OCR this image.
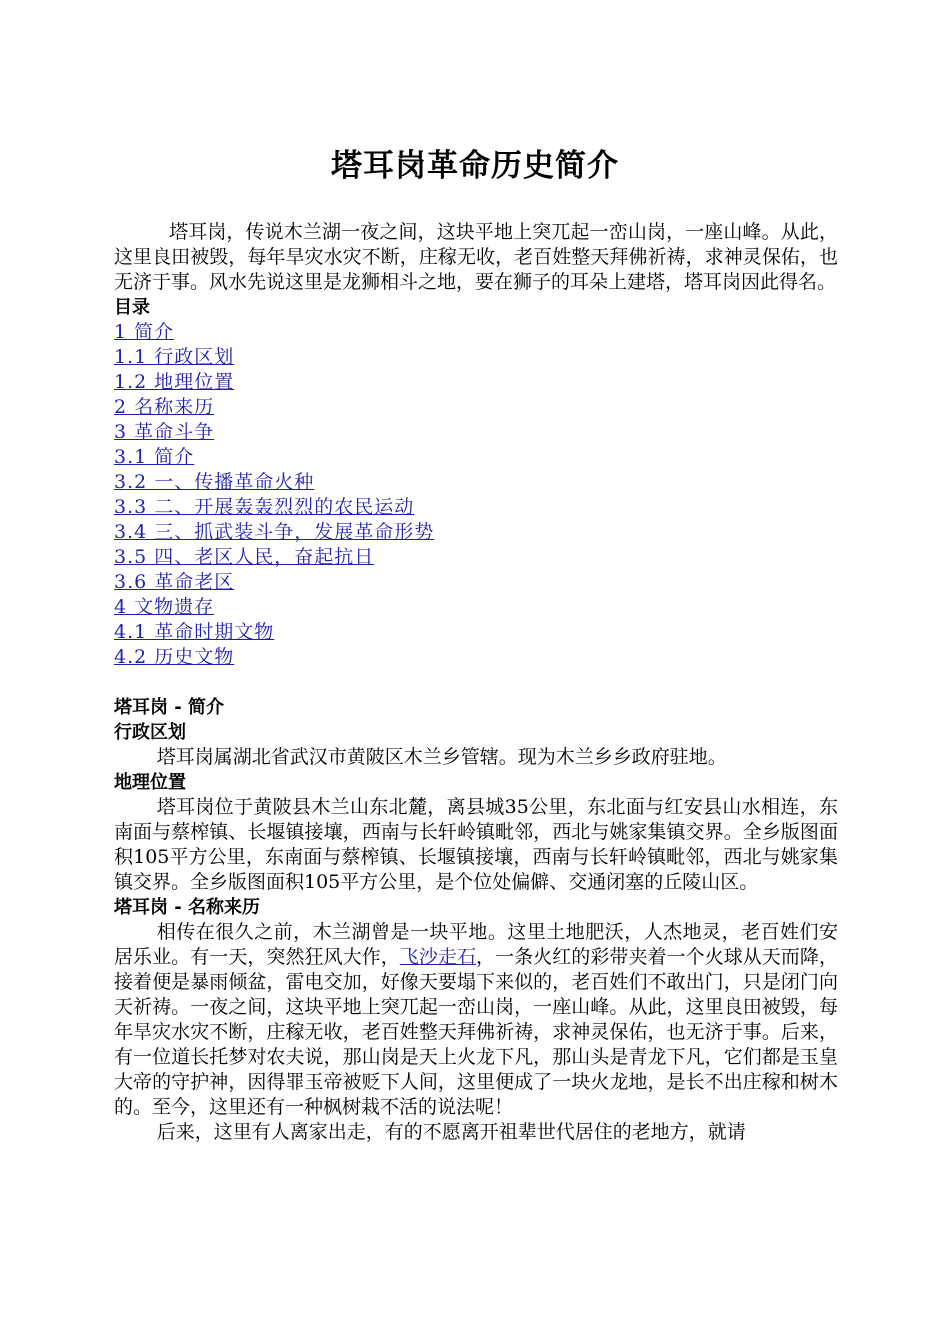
塔耳岗革命历史简介

塔耳岗，传说木兰湖一夜之间，这块平地上突兀起一峦山岗，一座山峰。从此，这里良田被毁，每年旱灾水灾不断，庄稼无收，老百姓整天拜佛祈祷，求神灵保佑，也无济于事。风水先说这里是龙狮相斗之地，要在狮子的耳朵上建塔，塔耳岗因此得名。

目录
1 简介
1.1 行政区划
1.2 地理位置
2 名称来历
3 革命斗争
3.1 简介
3.2 一、传播革命火种
3.3 二、开展轰轰烈烈的农民运动
3.4 三、抓武装斗争，发展革命形势
3.5 四、老区人民，奋起抗日
3.6 革命老区
4 文物遗存
4.1 革命时期文物
4.2 历史文物
塔耳岗 - 简介
行政区划

塔耳岗属湖北省武汉市黄陂区木兰乡管辖。现为木兰乡乡政府驻地。

地理位置

塔耳岗位于黄陂县木兰山东北麓，离县城35公里，东北面与红安县山水相连，东南面与蔡榨镇、长堰镇接壤，西南与长轩岭镇毗邻，西北与姚家集镇交界。全乡版图面积105平方公里，东南面与蔡榨镇、长堰镇接壤，西南与长轩岭镇毗邻，西北与姚家集镇交界。全乡版图面积105平方公里，是个位处偏僻、交通闭塞的丘陵山区。

塔耳岗 - 名称来历

相传在很久之前，木兰湖曾是一块平地。这里土地肥沃，人杰地灵，老百姓们安居乐业。有一天，突然狂风大作，飞沙走石，一条火红的彩带夹着一个火球从天而降，接着便是暴雨倾盆，雷电交加，好像天要塌下来似的，老百姓们不敢出门，只是闭门向天祈祷。一夜之间，这块平地上突兀起一峦山岗，一座山峰。从此，这里良田被毁，每年旱灾水灾不断，庄稼无收，老百姓整天拜佛祈祷，求神灵保佑，也无济于事。后来，有一位道长托梦对农夫说，那山岗是天上火龙下凡，那山头是青龙下凡，它们都是玉皇大帝的守护神，因得罪玉帝被贬下人间，这里便成了一块火龙地，是长不出庄稼和树木的。至今，这里还有一种枫树栽不活的说法呢！

后来，这里有人离家出走，有的不愿离开祖辈世代居住的老地方，就请
